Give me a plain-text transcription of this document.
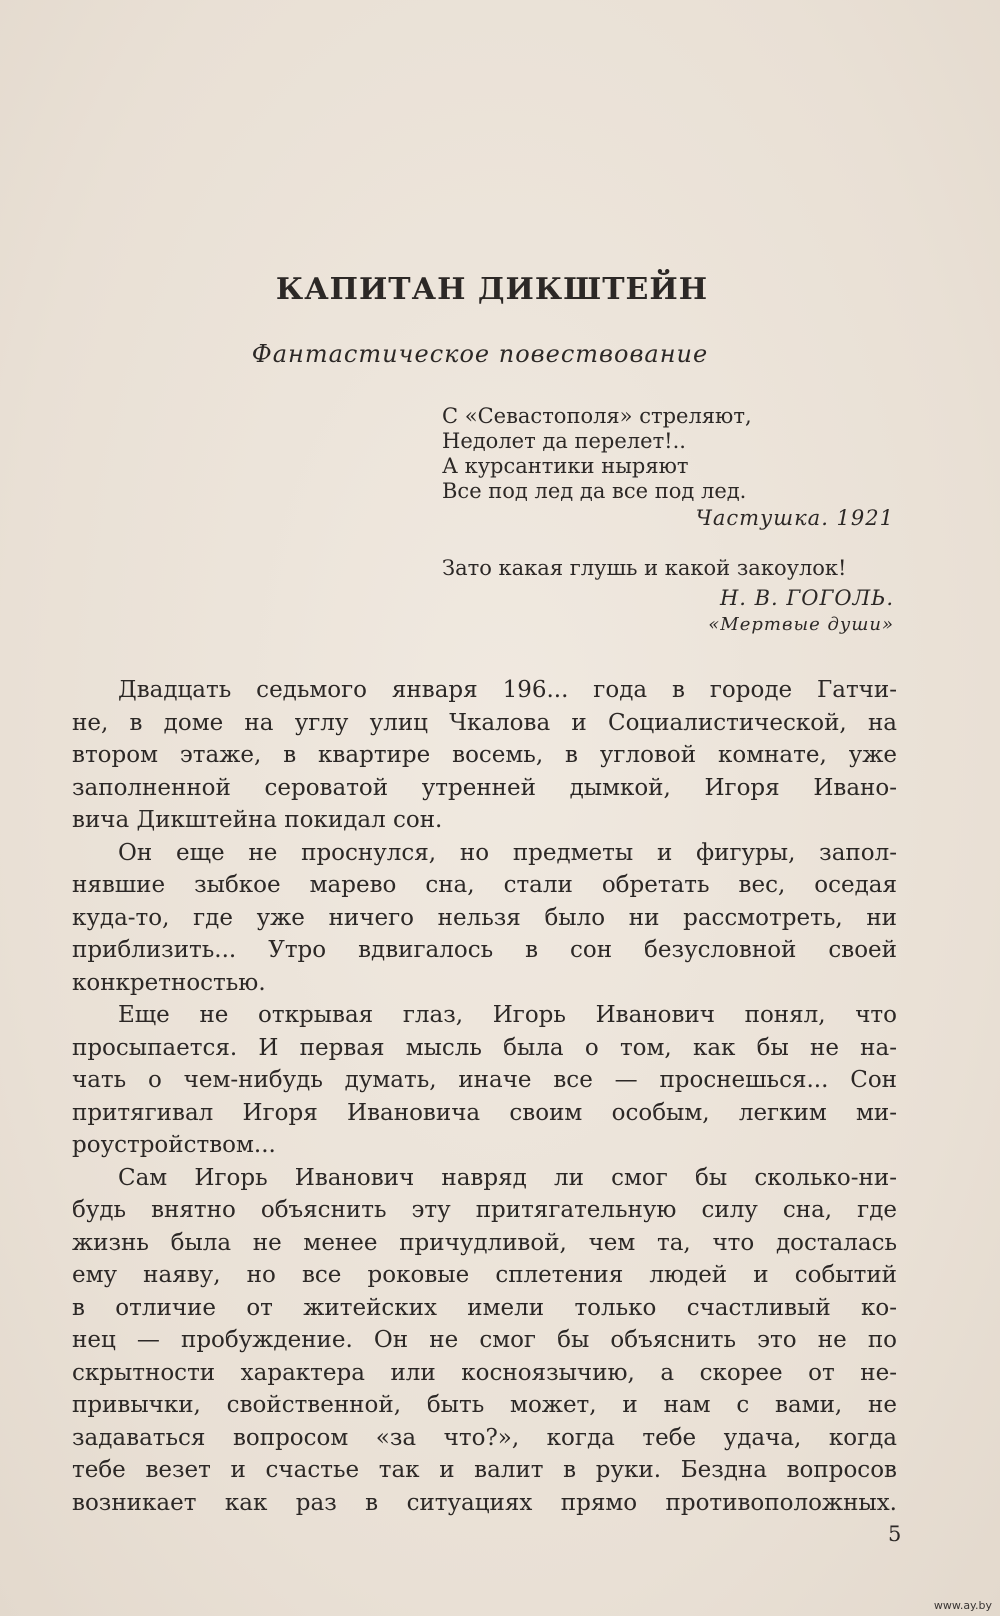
КАПИТАН ДИКШТЕЙН
Фантастическое повествование
С «Севастополя» стреляют,
Недолет да перелет!..
А курсантики ныряют
Все под лед да все под лед.
Частушка. 1921
Зато какая глушь и какой закоулок!
Н. В. ГОГОЛЬ.
«Мертвые души»

Двадцать седьмого января 196... года в городе Гатчи-
не, в доме на углу улиц Чкалова и Социалистической, на
втором этаже, в квартире восемь, в угловой комнате, уже
заполненной сероватой утренней дымкой, Игоря Ивано-
вича Дикштейна покидал сон.

Он еще не проснулся, но предметы и фигуры, запол-
нявшие зыбкое марево сна, стали обретать вес, оседая
куда-то, где уже ничего нельзя было ни рассмотреть, ни
приблизить... Утро вдвигалось в сон безусловной своей
конкретностью.

Еще не открывая глаз, Игорь Иванович понял, что
просыпается. И первая мысль была о том, как бы не на-
чать о чем-нибудь думать, иначе все — проснешься... Сон
притягивал Игоря Ивановича своим особым, легким ми-
роустройством...

Сам Игорь Иванович навряд ли смог бы сколько-ни-
будь внятно объяснить эту притягательную силу сна, где
жизнь была не менее причудливой, чем та, что досталась
ему наяву, но все роковые сплетения людей и событий
в отличие от житейских имели только счастливый ко-
нец — пробуждение. Он не смог бы объяснить это не по
скрытности характера или косноязычию, а скорее от не-
привычки, свойственной, быть может, и нам с вами, не
задаваться вопросом «за что?», когда тебе удача, когда
тебе везет и счастье так и валит в руки. Бездна вопросов
возникает как раз в ситуациях прямо противоположных.

5
www.ay.by
